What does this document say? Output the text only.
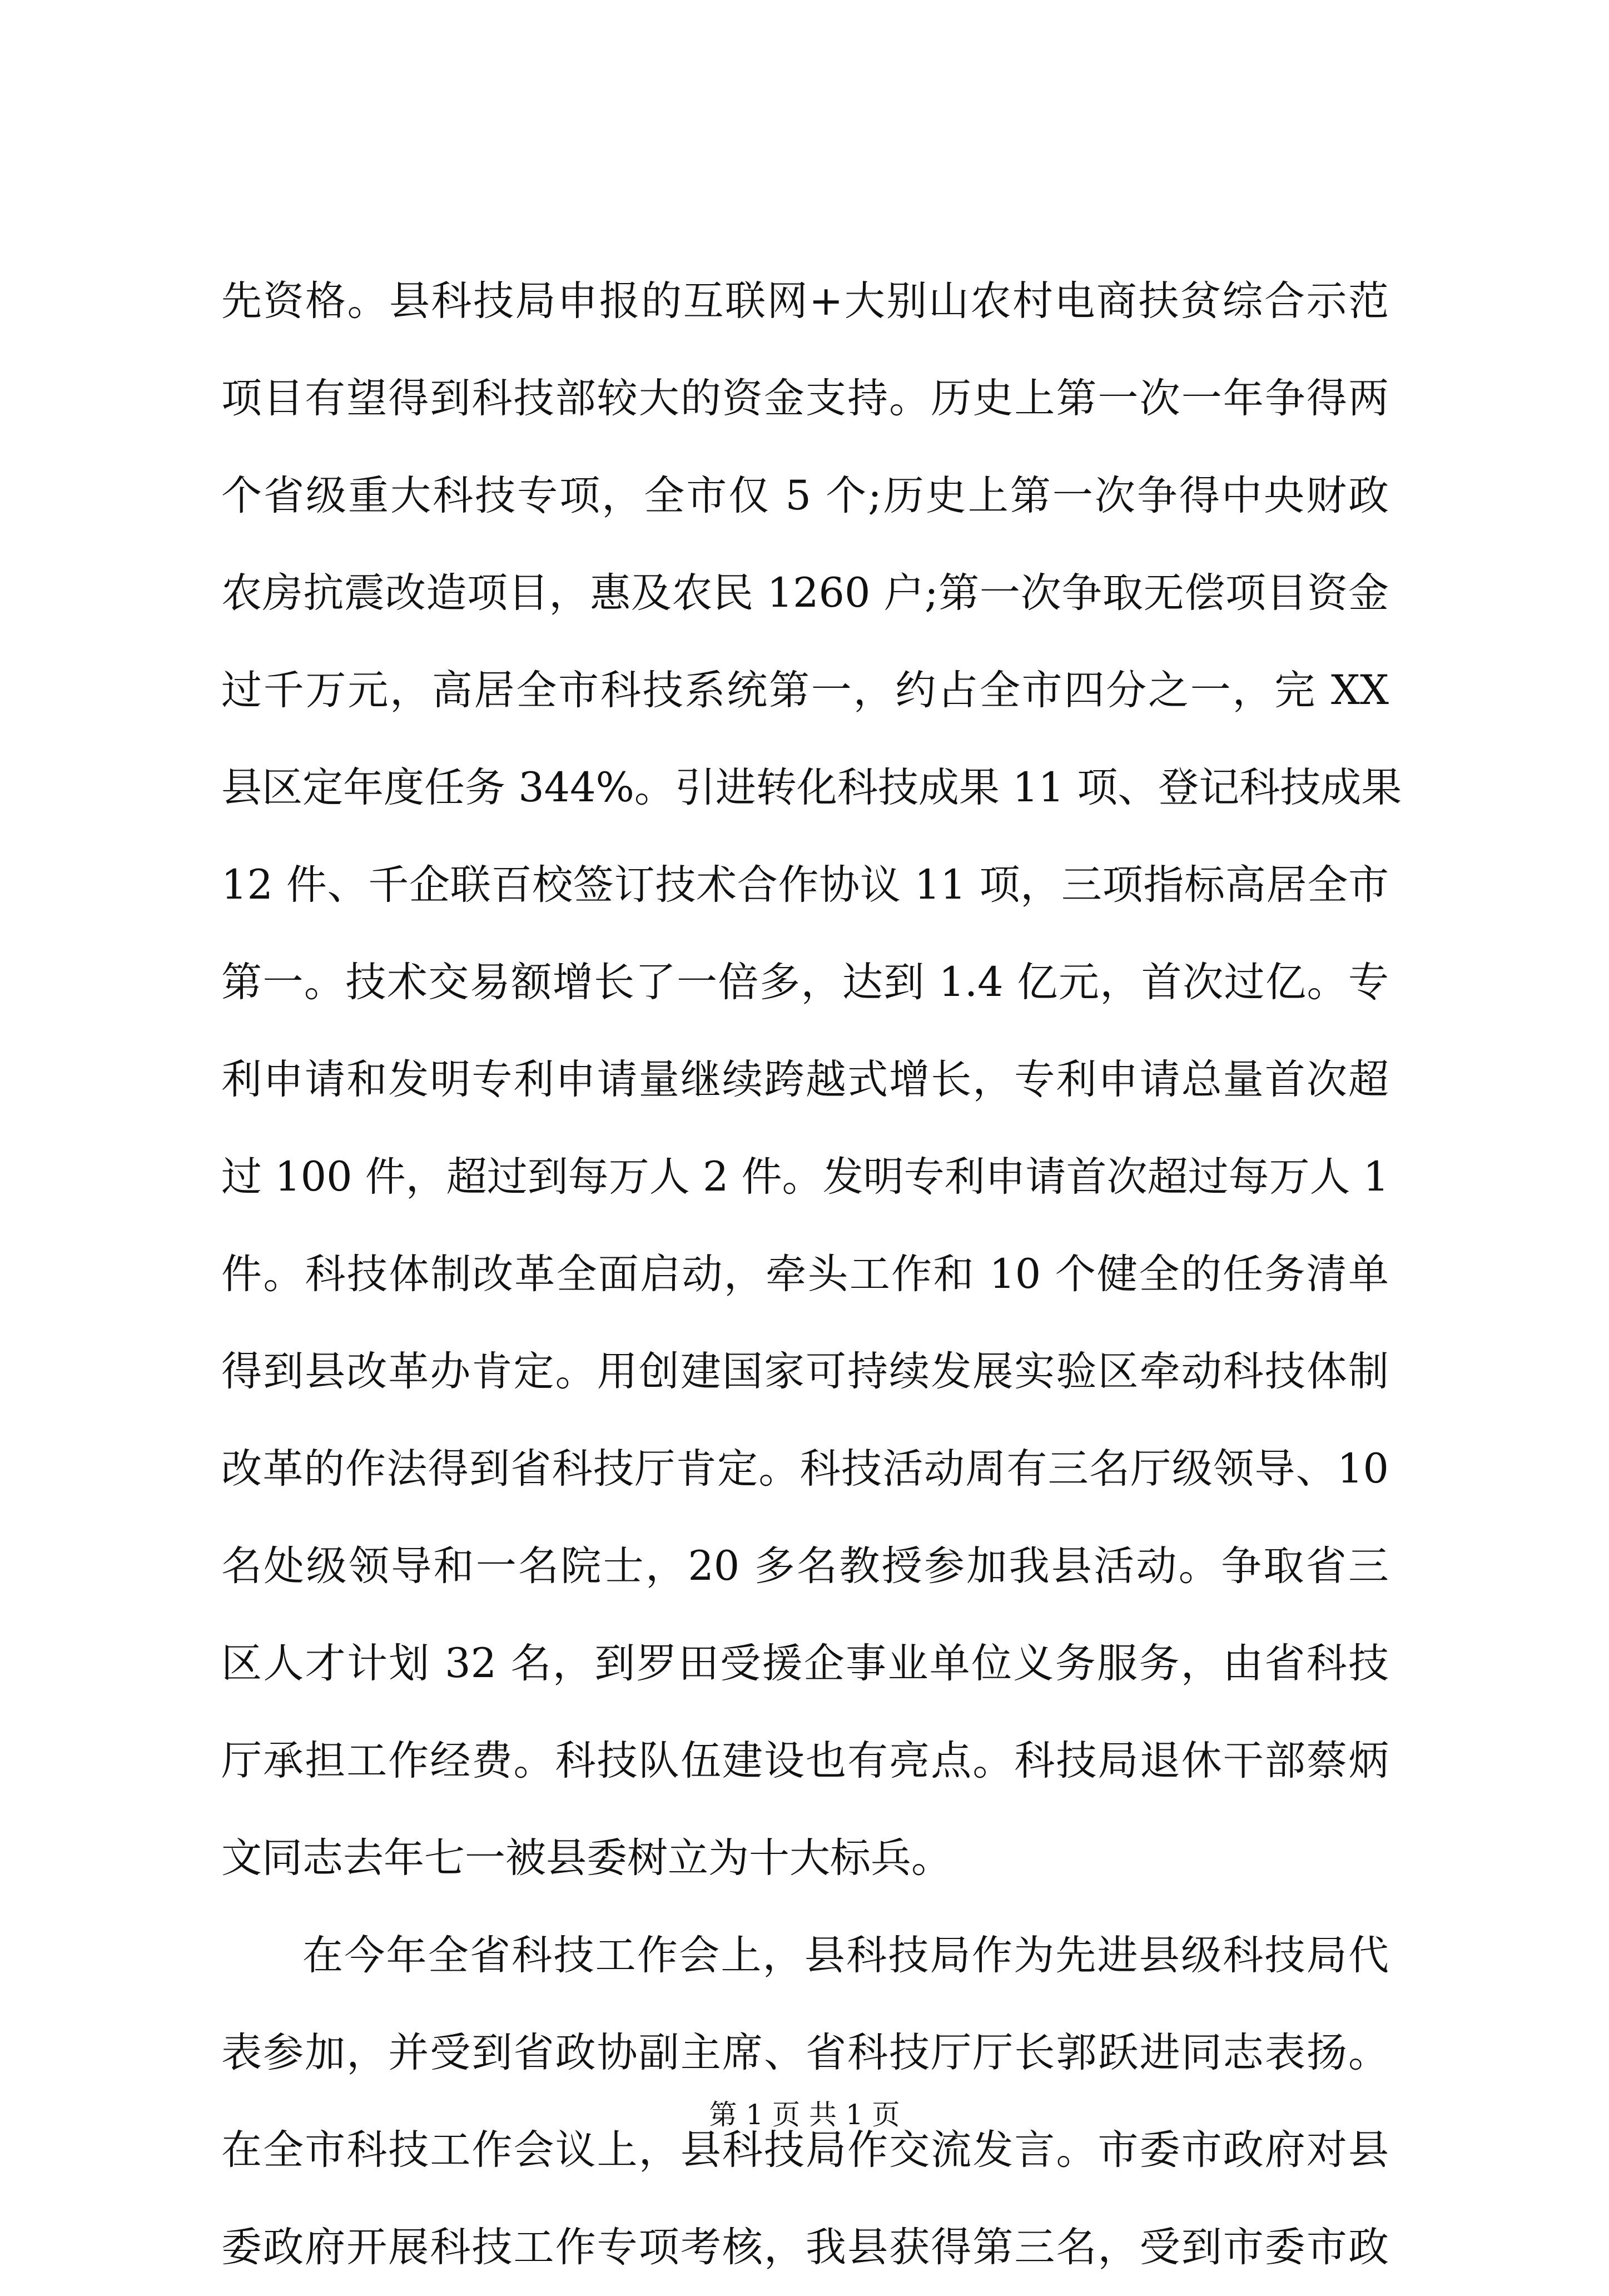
先资格。县科技局申报的互联网+大别山农村电商扶贫综合示范
项目有望得到科技部较大的资金支持。历史上第一次一年争得两
个省级重大科技专项，全市仅 5 个;历史上第一次争得中央财政
农房抗震改造项目，惠及农民 1260 户;第一次争取无偿项目资金
过千万元，高居全市科技系统第一，约占全市四分之一，完 XX
县区定年度任务 344%。引进转化科技成果 11 项、登记科技成果
12 件、千企联百校签订技术合作协议 11 项，三项指标高居全市
第一。技术交易额增长了一倍多，达到 1.4 亿元，首次过亿。专
利申请和发明专利申请量继续跨越式增长，专利申请总量首次超
过 100 件，超过到每万人 2 件。发明专利申请首次超过每万人 1
件。科技体制改革全面启动，牵头工作和 10 个健全的任务清单
得到县改革办肯定。用创建国家可持续发展实验区牵动科技体制
改革的作法得到省科技厅肯定。科技活动周有三名厅级领导、10
名处级领导和一名院士，20 多名教授参加我县活动。争取省三
区人才计划 32 名，到罗田受援企事业单位义务服务，由省科技
厅承担工作经费。科技队伍建设也有亮点。科技局退休干部蔡炳
文同志去年七一被县委树立为十大标兵。
在今年全省科技工作会上，县科技局作为先进县级科技局代
表参加，并受到省政协副主席、省科技厅厅长郭跃进同志表扬。
在全市科技工作会议上，县科技局作交流发言。市委市政府对县
委政府开展科技工作专项考核，我县获得第三名，受到市委市政
第 1 页 共 1 页
